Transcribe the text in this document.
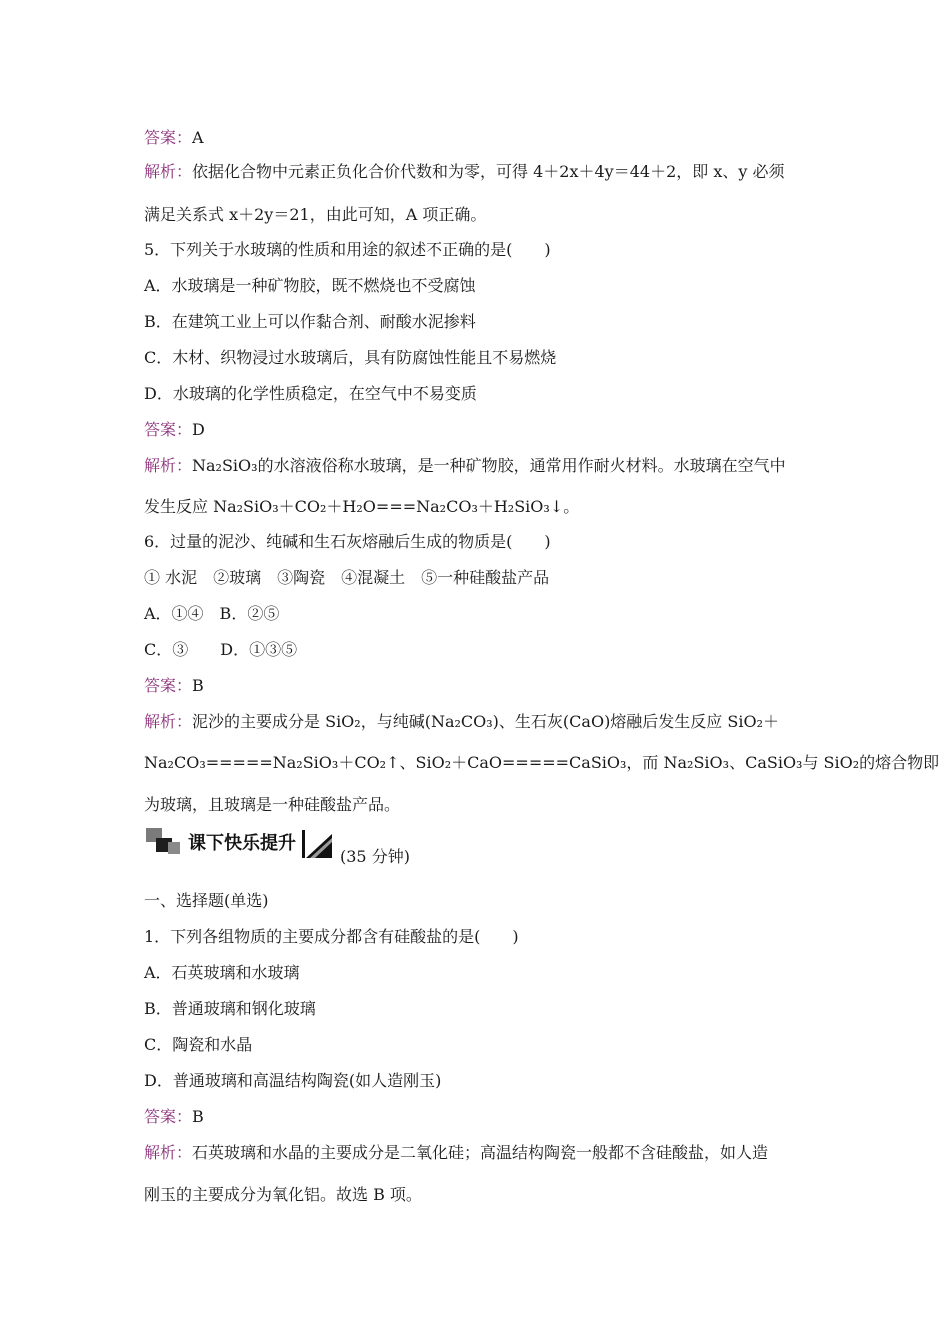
答案：A
解析：依据化合物中元素正负化合价代数和为零，可得 4＋2x＋4y＝44＋2，即 x、y 必须
满足关系式 x＋2y＝21，由此可知，A 项正确。
5．下列关于水玻璃的性质和用途的叙述不正确的是(　　)
A．水玻璃是一种矿物胶，既不燃烧也不受腐蚀
B．在建筑工业上可以作黏合剂、耐酸水泥掺料
C．木材、织物浸过水玻璃后，具有防腐蚀性能且不易燃烧
D．水玻璃的化学性质稳定，在空气中不易变质
答案：D
解析：Na₂SiO₃的水溶液俗称水玻璃，是一种矿物胶，通常用作耐火材料。水玻璃在空气中
发生反应 Na₂SiO₃＋CO₂＋H₂O===Na₂CO₃＋H₂SiO₃↓。
6．过量的泥沙、纯碱和生石灰熔融后生成的物质是(　　)
① 水泥　②玻璃　③陶瓷　④混凝土　⑤一种硅酸盐产品
A．①④　B．②⑤
C．③　　D．①③⑤
答案：B
解析：泥沙的主要成分是 SiO₂，与纯碱(Na₂CO₃)、生石灰(CaO)熔融后发生反应 SiO₂＋
Na₂CO₃=====Na₂SiO₃＋CO₂↑、SiO₂＋CaO=====CaSiO₃，而 Na₂SiO₃、CaSiO₃与 SiO₂的熔合物即
为玻璃，且玻璃是一种硅酸盐产品。
课下快乐提升
(35 分钟)
一、选择题(单选)
1．下列各组物质的主要成分都含有硅酸盐的是(　　)
A．石英玻璃和水玻璃
B．普通玻璃和钢化玻璃
C．陶瓷和水晶
D．普通玻璃和高温结构陶瓷(如人造刚玉)
答案：B
解析：石英玻璃和水晶的主要成分是二氧化硅；高温结构陶瓷一般都不含硅酸盐，如人造
刚玉的主要成分为氧化铝。故选 B 项。
